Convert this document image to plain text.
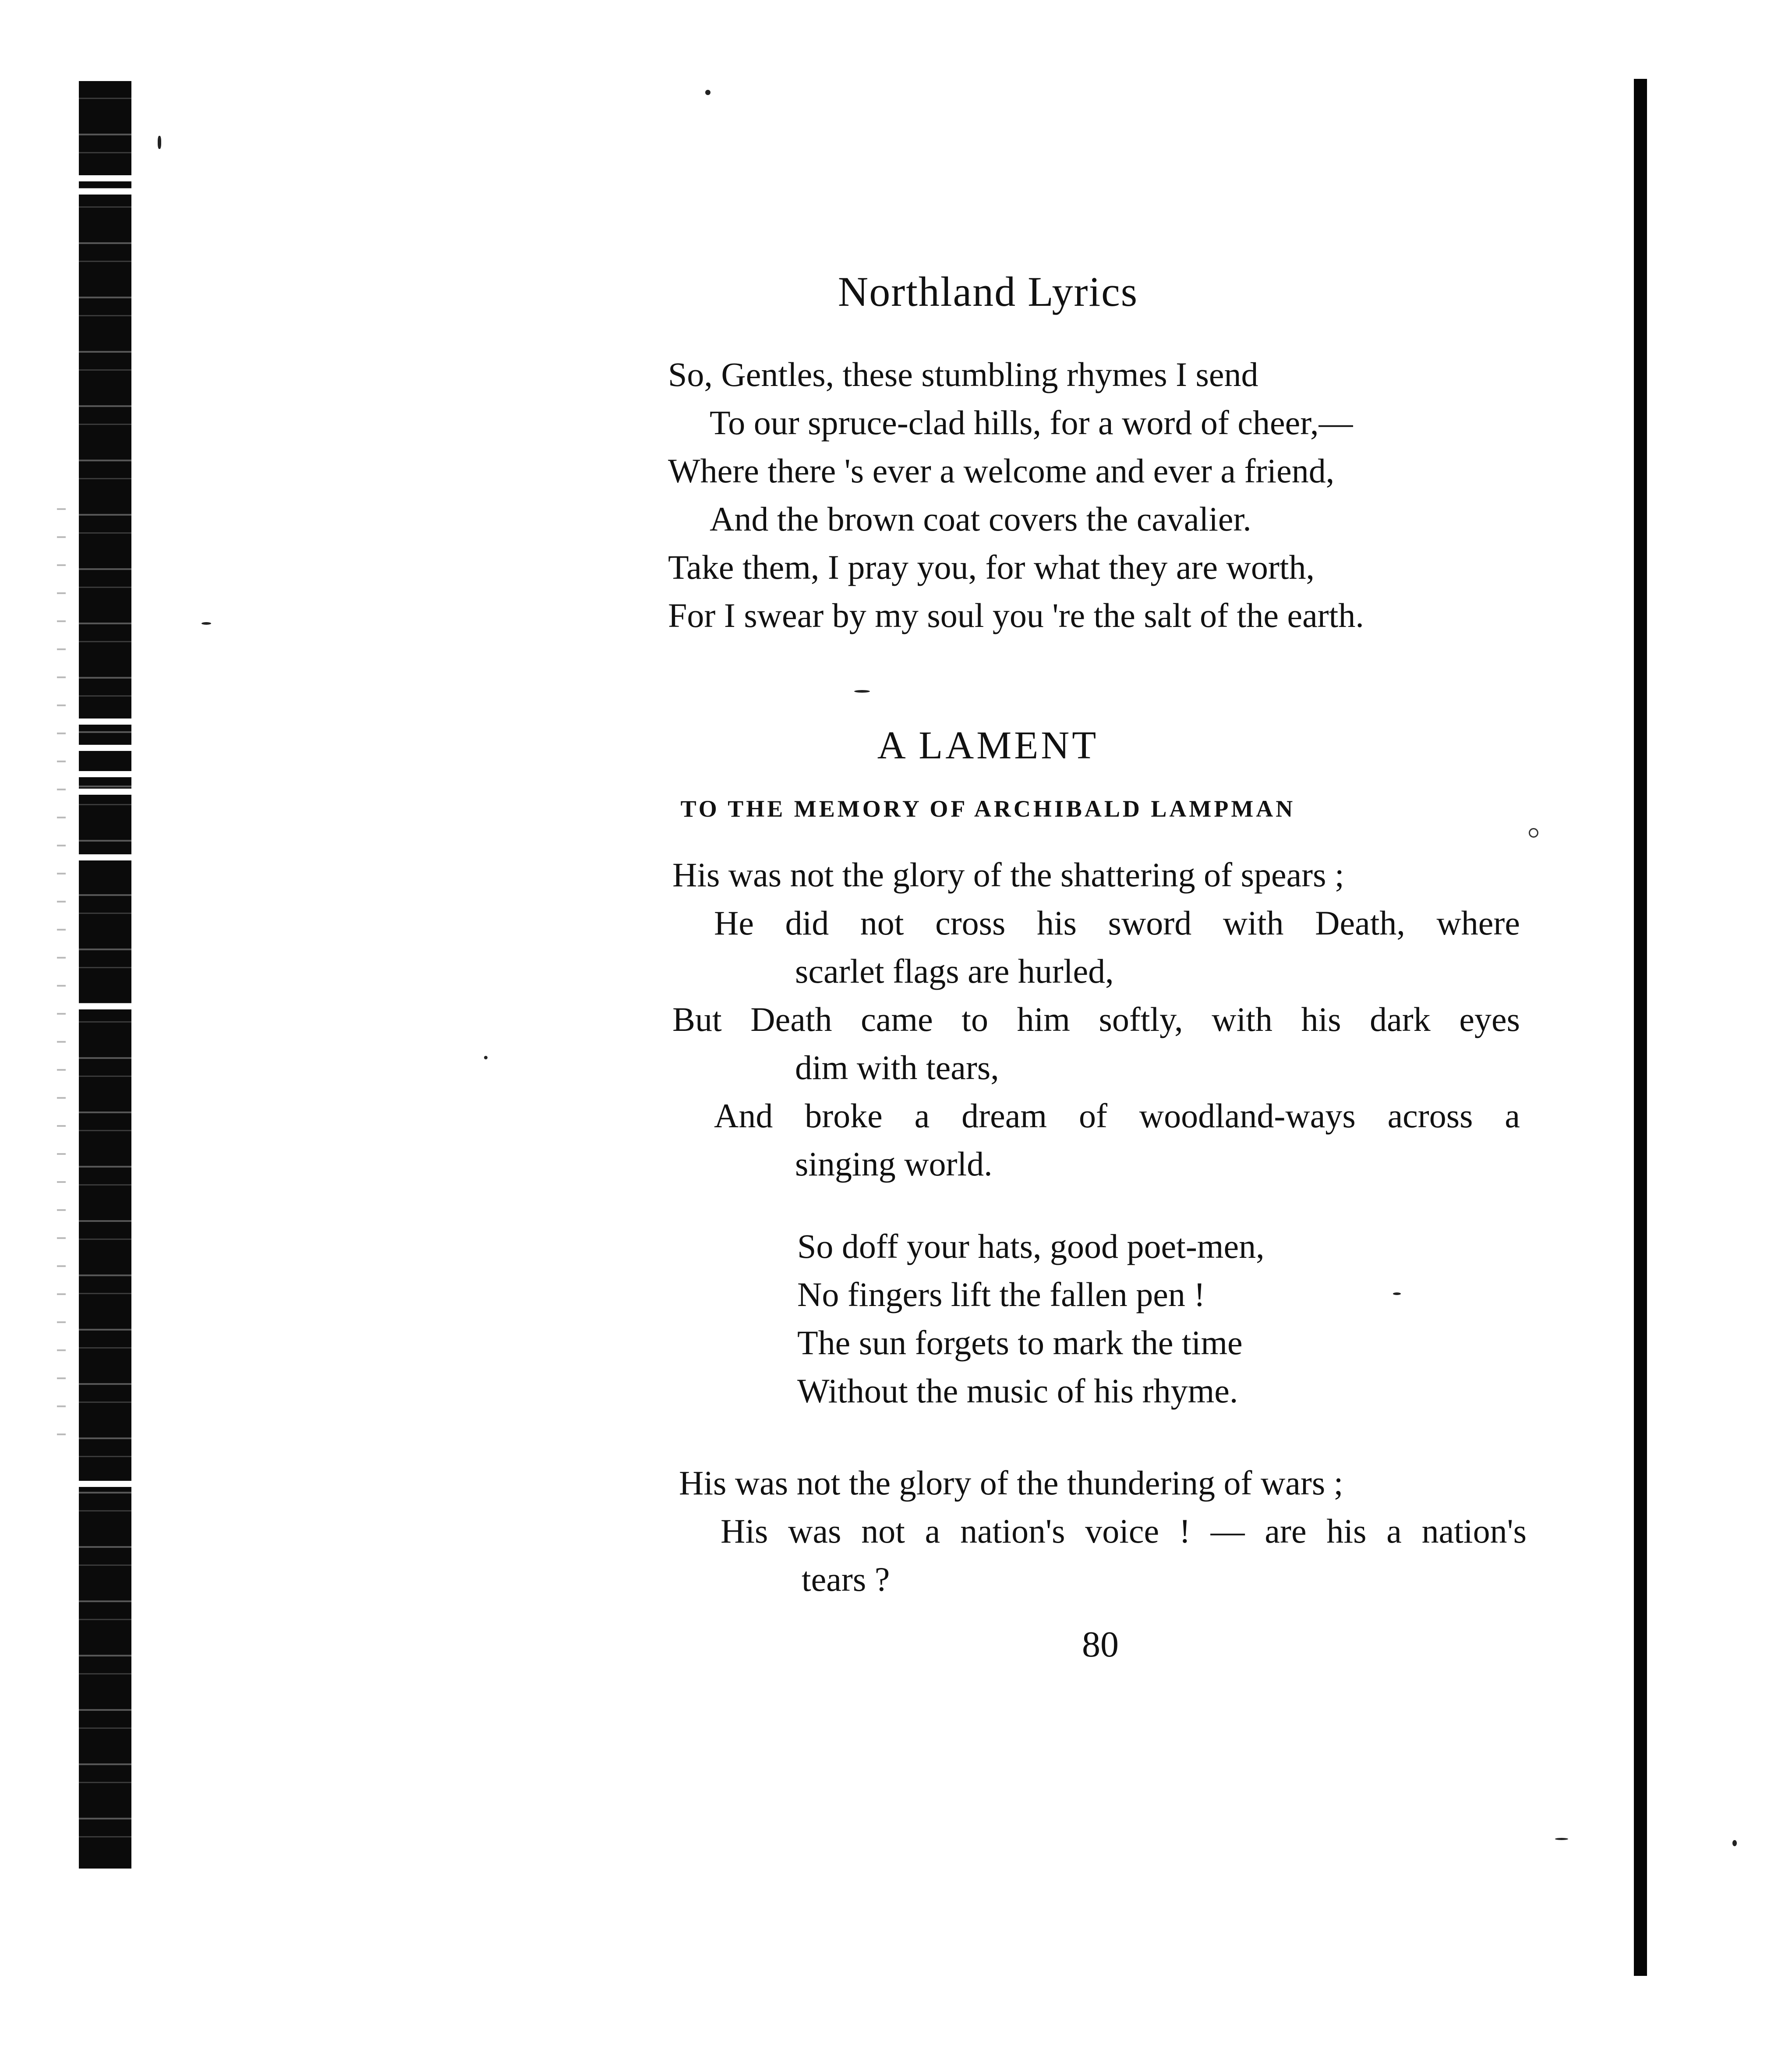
Northland Lyrics
So, Gentles, these stumbling rhymes I send
To our spruce-clad hills, for a word of cheer,—
Where there 's ever a welcome and ever a friend,
And the brown coat covers the cavalier.
Take them, I pray you, for what they are worth,
For I swear by my soul you 're the salt of the earth.
A LAMENT
TO THE MEMORY OF ARCHIBALD LAMPMAN
His was not the glory of the shattering of spears ;
He did not cross his sword with Death, where
scarlet flags are hurled,
But Death came to him softly, with his dark eyes
dim with tears,
And broke a dream of woodland-ways across a
singing world.
So doff your hats, good poet-men,
No fingers lift the fallen pen !
The sun forgets to mark the time
Without the music of his rhyme.
His was not the glory of the thundering of wars ;
His was not a nation's voice ! — are his a nation's
tears ?
80
